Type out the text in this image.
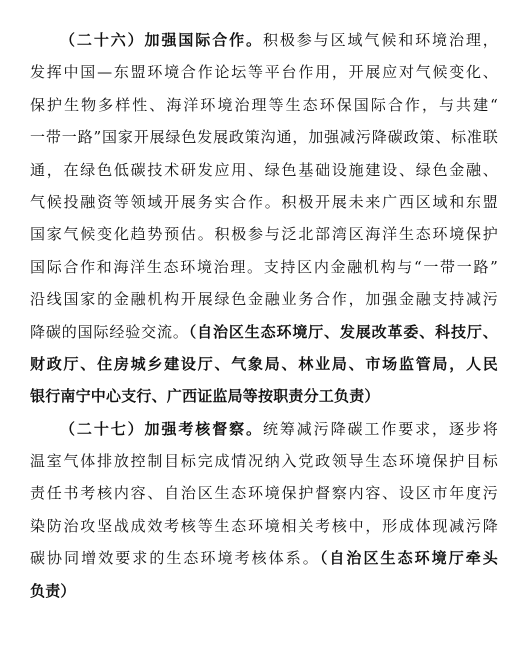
（二十六）加强国际合作。积极参与区域气候和环境治理，
发挥中国—东盟环境合作论坛等平台作用，开展应对气候变化、
保护生物多样性、海洋环境治理等生态环保国际合作，与共建“
一带一路”国家开展绿色发展政策沟通，加强减污降碳政策、标准联
通，在绿色低碳技术研发应用、绿色基础设施建设、绿色金融、
气候投融资等领域开展务实合作。积极开展未来广西区域和东盟
国家气候变化趋势预估。积极参与泛北部湾区海洋生态环境保护
国际合作和海洋生态环境治理。支持区内金融机构与“一带一路”
沿线国家的金融机构开展绿色金融业务合作，加强金融支持减污
降碳的国际经验交流。（自治区生态环境厅、发展改革委、科技厅、
财政厅、住房城乡建设厅、气象局、林业局、市场监管局，人民
银行南宁中心支行、广西证监局等按职责分工负责）
（二十七）加强考核督察。统筹减污降碳工作要求，逐步将
温室气体排放控制目标完成情况纳入党政领导生态环境保护目标
责任书考核内容、自治区生态环境保护督察内容、设区市年度污
染防治攻坚战成效考核等生态环境相关考核中，形成体现减污降
碳协同增效要求的生态环境考核体系。（自治区生态环境厅牵头
负责）
